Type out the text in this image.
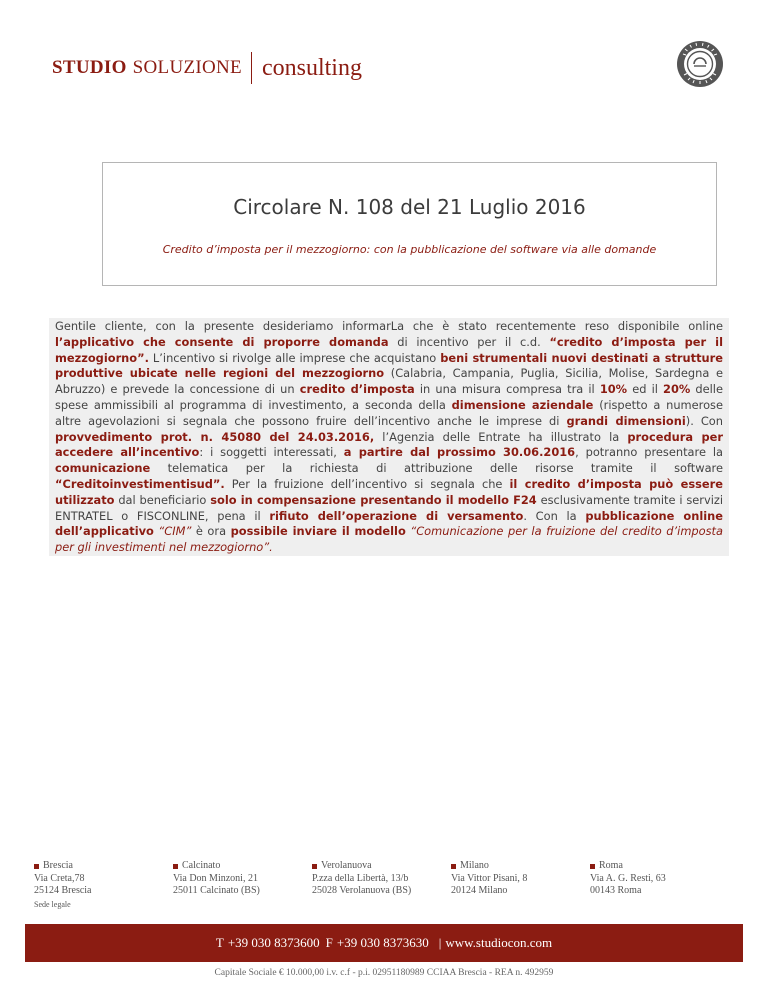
STUDIO SOLUZIONE consulting
Circolare N. 108 del 21 Luglio 2016

Credito d’imposta per il mezzogiorno: con la pubblicazione del software via alle domande

Gentile cliente, con la presente desideriamo informarLa che è stato recentemente reso disponibile online l’applicativo che consente di proporre domanda di incentivo per il c.d. “credito d’imposta per il mezzogiorno”. L’incentivo si rivolge alle imprese che acquistano beni strumentali nuovi destinati a strutture produttive ubicate nelle regioni del mezzogiorno (Calabria, Campania, Puglia, Sicilia, Molise, Sardegna e Abruzzo) e prevede la concessione di un credito d’imposta in una misura compresa tra il 10% ed il 20% delle spese ammissibili al programma di investimento, a seconda della dimensione aziendale (rispetto a numerose altre agevolazioni si segnala che possono fruire dell’incentivo anche le imprese di grandi dimensioni). Con provvedimento prot. n. 45080 del 24.03.2016, l’Agenzia delle Entrate ha illustrato la procedura per accedere all’incentivo: i soggetti interessati, a partire dal prossimo 30.06.2016, potranno presentare la comunicazione telematica per la richiesta di attribuzione delle risorse tramite il software “Creditoinvestimentisud”. Per la fruizione dell’incentivo si segnala che il credito d’imposta può essere utilizzato dal beneficiario solo in compensazione presentando il modello F24 esclusivamente tramite i servizi ENTRATEL o FISCONLINE, pena il rifiuto dell’operazione di versamento. Con la pubblicazione online dell’applicativo “CIM” è ora possibile inviare il modello “Comunicazione per la fruizione del credito d’imposta per gli investimenti nel mezzogiorno”.

Brescia
Via Creta,78
25124 Brescia
Sede legale
Calcinato
Via Don Minzoni, 21
25011 Calcinato (BS)
Verolanuova
P.zza della Libertà, 13/b
25028 Verolanuova (BS)
Milano
Via Vittor Pisani, 8
20124 Milano
Roma
Via A. G. Resti, 63
00143 Roma
T +39 030 8373600 F +39 030 8373630 | www.studiocon.com
Capitale Sociale € 10.000,00 i.v. c.f - p.i. 02951180989 CCIAA Brescia - REA n. 492959
